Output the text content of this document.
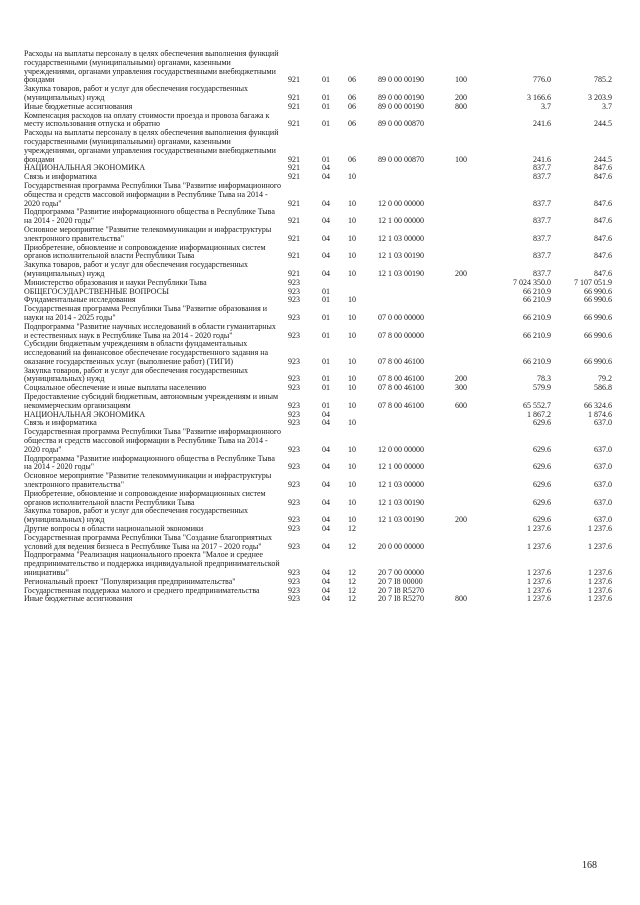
Расходы на выплаты персоналу в целях обеспечения выполнения функций государственными (муниципальными) органами, казенными учреждениями, органами управления государственными внебюджетными фондами	921	01 06	89 0 00 00190	100	776.0	785.2
Закупка товаров, работ и услуг для обеспечения государственных (муниципальных) нужд	921	01 06	89 0 00 00190	200	3 166.6	3 203.9
Иные бюджетные ассигнования	921	01 06	89 0 00 00190	800	3.7	3.7
Компенсация расходов на оплату стоимости проезда и провоза багажа к месту использования отпуска и обратно	921	01 06	89 0 00 00870	241.6	244.5
Расходы на выплаты персоналу в целях обеспечения выполнения функций государственными (муниципальными) органами, казенными учреждениями, органами управления государственными внебюджетными фондами	921	01 06	89 0 00 00870	100	241.6	244.5
НАЦИОНАЛЬНАЯ ЭКОНОМИКА	921	04	837.7	847.6
Связь и информатика	921	04 10	837.7	847.6
Государственная программа Республики Тыва "Развитие информационного общества и средств массовой информации в Республике Тыва на 2014 - 2020 годы"	921	04 10	12 0 00 00000	837.7	847.6
Подпрограмма "Развитие информационного общества в Республике Тыва на 2014 - 2020 годы"	921	04 10	12 1 00 00000	837.7	847.6
Основное мероприятие "Развитие телекоммуникации и инфраструктуры электронного правительства"	921	04 10	12 1 03 00000	837.7	847.6
Приобретение, обновление и сопровождение информационных систем органов исполнительной власти Республики Тыва	921	04 10	12 1 03 00190	837.7	847.6
Закупка товаров, работ и услуг для обеспечения государственных (муниципальных) нужд	921	04 10	12 1 03 00190	200	837.7	847.6
Министерство образования и науки Республики Тыва	923	7 024 350.0	7 107 051.9
ОБЩЕГОСУДАРСТВЕННЫЕ ВОПРОСЫ	923	01	66 210.9	66 990.6
Фундаментальные исследования	923	01 10	66 210.9	66 990.6
Государственная программа Республики Тыва "Развитие образования и науки на 2014 - 2025 годы"	923	01 10	07 0 00 00000	66 210.9	66 990.6
Подпрограмма "Развитие научных исследований в области гуманитарных и естественных наук в Республике Тыва на 2014 - 2020 годы"	923	01 10	07 8 00 00000	66 210.9	66 990.6
Субсидии бюджетным учреждениям в области фундаментальных исследований на финансовое обеспечение государственного задания на оказание государственных услуг (выполнение работ) (ТИГИ)	923	01 10	07 8 00 46100	66 210.9	66 990.6
Закупка товаров, работ и услуг для обеспечения государственных (муниципальных) нужд	923	01 10	07 8 00 46100	200	78.3	79.2
Социальное обеспечение и иные выплаты населению	923	01 10	07 8 00 46100	300	579.9	586.8
Предоставление субсидий бюджетным, автономным учреждениям и иным некоммерческим организациям	923	01 10	07 8 00 46100	600	65 552.7	66 324.6
НАЦИОНАЛЬНАЯ ЭКОНОМИКА	923	04	1 867.2	1 874.6
Связь и информатика	923	04 10	629.6	637.0
Государственная программа Республики Тыва "Развитие информационного общества и средств массовой информации в Республике Тыва на 2014 - 2020 годы"	923	04 10	12 0 00 00000	629.6	637.0
Подпрограмма "Развитие информационного общества в Республике Тыва на 2014 - 2020 годы"	923	04 10	12 1 00 00000	629.6	637.0
Основное мероприятие "Развитие телекоммуникации и инфраструктуры электронного правительства"	923	04 10	12 1 03 00000	629.6	637.0
Приобретение, обновление и сопровождение информационных систем органов исполнительной власти Республики Тыва	923	04 10	12 1 03 00190	629.6	637.0
Закупка товаров, работ и услуг для обеспечения государственных (муниципальных) нужд	923	04 10	12 1 03 00190	200	629.6	637.0
Другие вопросы в области национальной экономики	923	04 12	1 237.6	1 237.6
Государственная программа Республики Тыва "Создание благоприятных условий для ведения бизнеса в Республике Тыва на 2017 - 2020 годы"	923	04 12	20 0 00 00000	1 237.6	1 237.6
Подпрограмма "Реализация национального проекта "Малое и среднее предпринимательство и поддержка индивидуальной предпринимательской инициативы"	923	04 12	20 7 00 00000	1 237.6	1 237.6
Региональный проект "Популяризация предпринимательства"	923	04 12	20 7 I8 00000	1 237.6	1 237.6
Государственная поддержка малого и среднего предпринимательства	923	04 12	20 7 I8 R5270	1 237.6	1 237.6
Иные бюджетные ассигнования	923	04 12	20 7 I8 R5270	800	1 237.6	1 237.6
168
